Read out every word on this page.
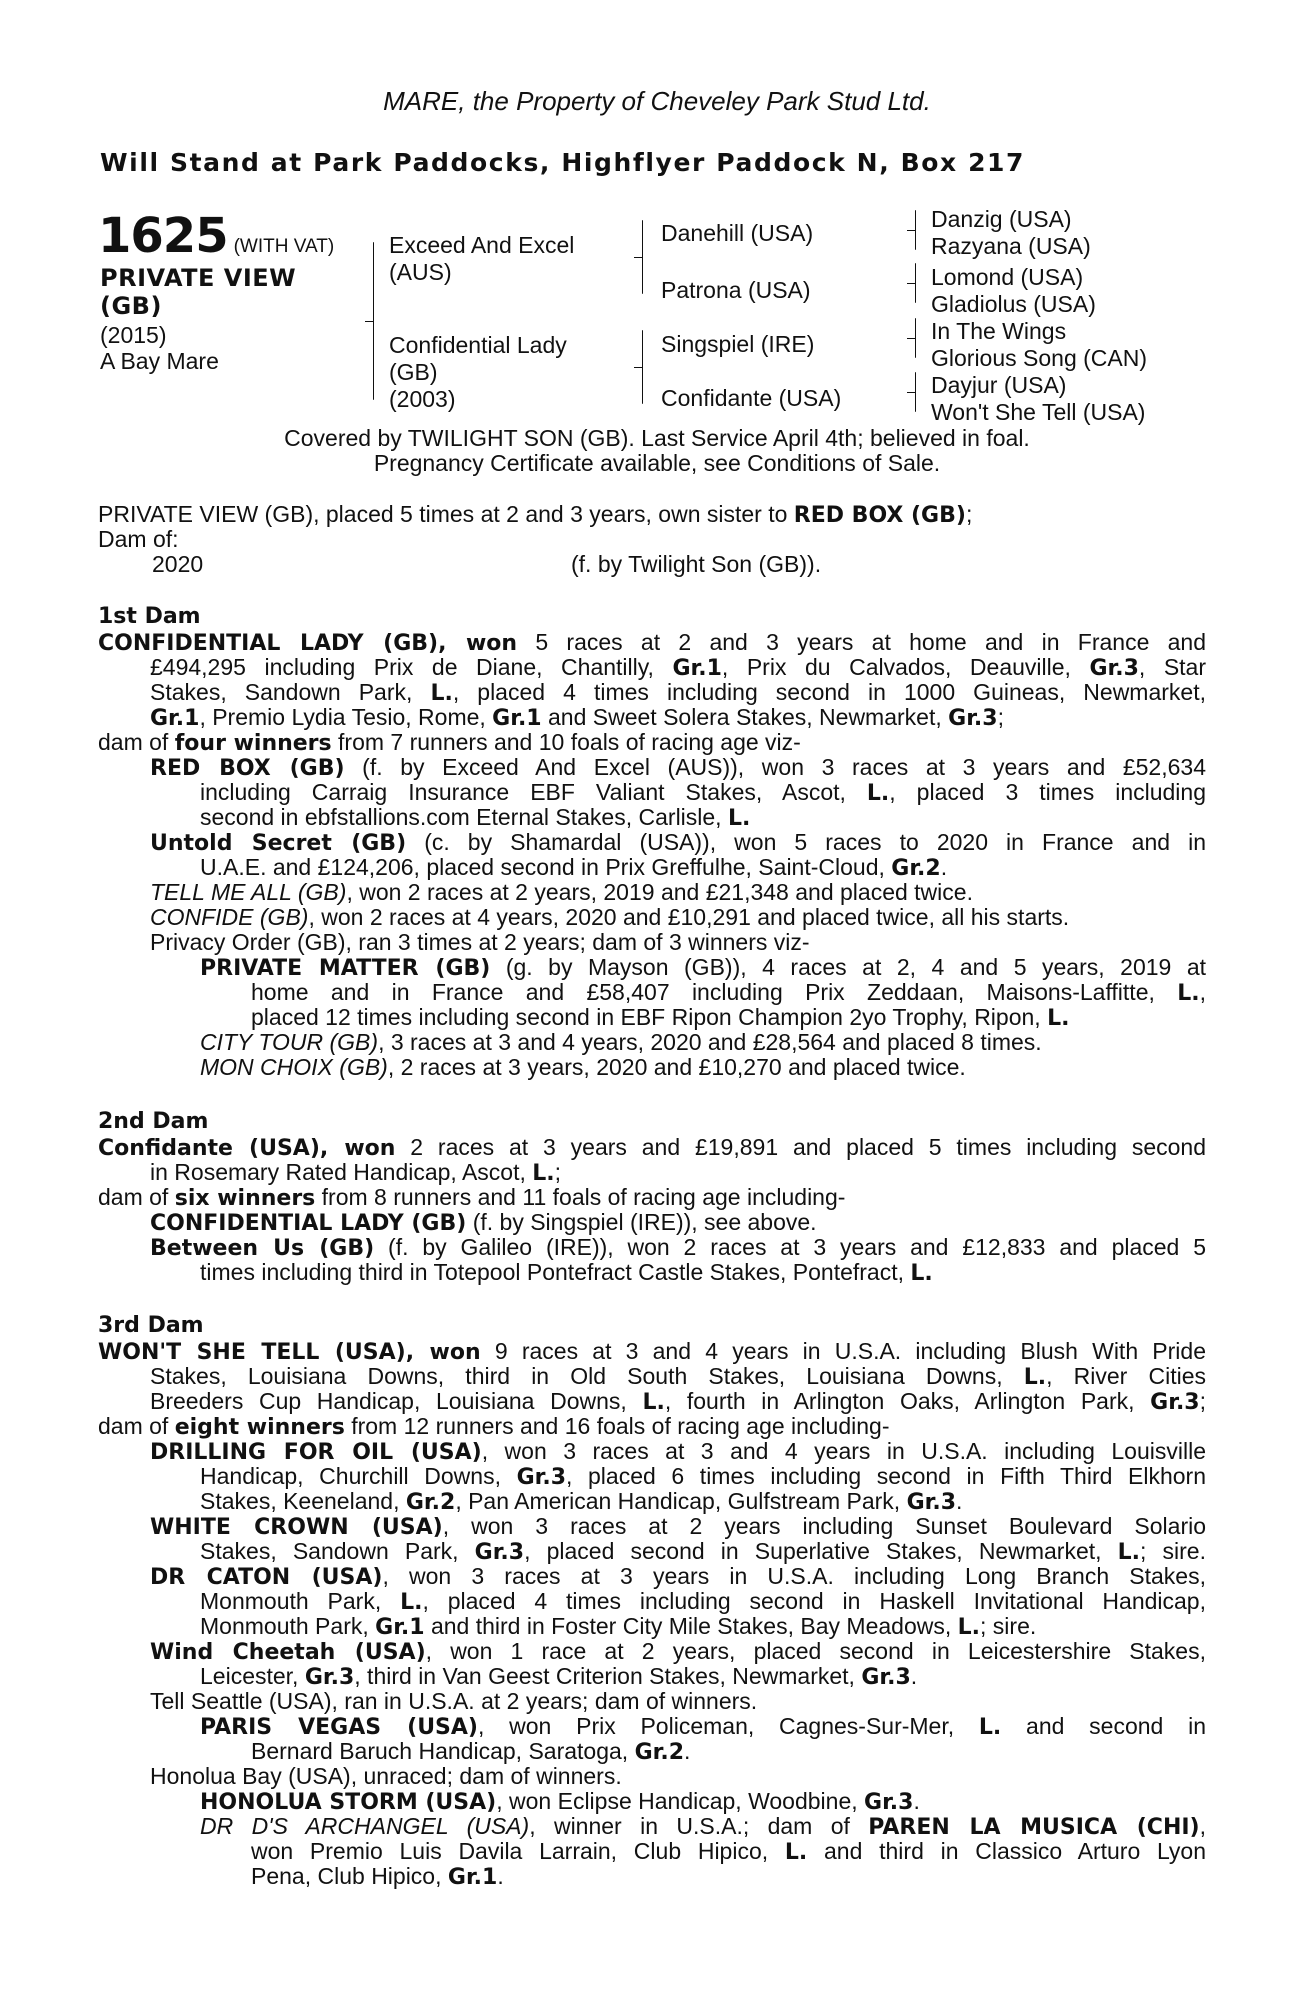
MARE, the Property of Cheveley Park Stud Ltd.
Will Stand at Park Paddocks, Highflyer Paddock N, Box 217
1625 (WITH VAT)
PRIVATE VIEW
(GB)
(2015)
A Bay Mare
Exceed And Excel
(AUS)
Confidential Lady
(GB)
(2003)
Danehill (USA)
Patrona (USA)
Singspiel (IRE)
Confidante (USA)
Danzig (USA)
Razyana (USA)
Lomond (USA)
Gladiolus (USA)
In The Wings
Glorious Song (CAN)
Dayjur (USA)
Won't She Tell (USA)
Covered by TWILIGHT SON (GB). Last Service April 4th; believed in foal.
Pregnancy Certificate available, see Conditions of Sale.
PRIVATE VIEW (GB), placed 5 times at 2 and 3 years, own sister to RED BOX (GB);
Dam of:
2020	(f. by Twilight Son (GB)).
1st Dam
CONFIDENTIAL LADY (GB), won 5 races at 2 and 3 years at home and in France and
£494,295 including Prix de Diane, Chantilly, Gr.1, Prix du Calvados, Deauville, Gr.3, Star
Stakes, Sandown Park, L., placed 4 times including second in 1000 Guineas, Newmarket,
Gr.1, Premio Lydia Tesio, Rome, Gr.1 and Sweet Solera Stakes, Newmarket, Gr.3;
dam of four winners from 7 runners and 10 foals of racing age viz-
RED BOX (GB) (f. by Exceed And Excel (AUS)), won 3 races at 3 years and £52,634
including Carraig Insurance EBF Valiant Stakes, Ascot, L., placed 3 times including
second in ebfstallions.com Eternal Stakes, Carlisle, L.
Untold Secret (GB) (c. by Shamardal (USA)), won 5 races to 2020 in France and in
U.A.E. and £124,206, placed second in Prix Greffulhe, Saint-Cloud, Gr.2.
TELL ME ALL (GB), won 2 races at 2 years, 2019 and £21,348 and placed twice.
CONFIDE (GB), won 2 races at 4 years, 2020 and £10,291 and placed twice, all his starts.
Privacy Order (GB), ran 3 times at 2 years; dam of 3 winners viz-
PRIVATE MATTER (GB) (g. by Mayson (GB)), 4 races at 2, 4 and 5 years, 2019 at
home and in France and £58,407 including Prix Zeddaan, Maisons-Laffitte, L.,
placed 12 times including second in EBF Ripon Champion 2yo Trophy, Ripon, L.
CITY TOUR (GB), 3 races at 3 and 4 years, 2020 and £28,564 and placed 8 times.
MON CHOIX (GB), 2 races at 3 years, 2020 and £10,270 and placed twice.
2nd Dam
Confidante (USA), won 2 races at 3 years and £19,891 and placed 5 times including second
in Rosemary Rated Handicap, Ascot, L.;
dam of six winners from 8 runners and 11 foals of racing age including-
CONFIDENTIAL LADY (GB) (f. by Singspiel (IRE)), see above.
Between Us (GB) (f. by Galileo (IRE)), won 2 races at 3 years and £12,833 and placed 5
times including third in Totepool Pontefract Castle Stakes, Pontefract, L.
3rd Dam
WON'T SHE TELL (USA), won 9 races at 3 and 4 years in U.S.A. including Blush With Pride
Stakes, Louisiana Downs, third in Old South Stakes, Louisiana Downs, L., River Cities
Breeders Cup Handicap, Louisiana Downs, L., fourth in Arlington Oaks, Arlington Park, Gr.3;
dam of eight winners from 12 runners and 16 foals of racing age including-
DRILLING FOR OIL (USA), won 3 races at 3 and 4 years in U.S.A. including Louisville
Handicap, Churchill Downs, Gr.3, placed 6 times including second in Fifth Third Elkhorn
Stakes, Keeneland, Gr.2, Pan American Handicap, Gulfstream Park, Gr.3.
WHITE CROWN (USA), won 3 races at 2 years including Sunset Boulevard Solario
Stakes, Sandown Park, Gr.3, placed second in Superlative Stakes, Newmarket, L.; sire.
DR CATON (USA), won 3 races at 3 years in U.S.A. including Long Branch Stakes,
Monmouth Park, L., placed 4 times including second in Haskell Invitational Handicap,
Monmouth Park, Gr.1 and third in Foster City Mile Stakes, Bay Meadows, L.; sire.
Wind Cheetah (USA), won 1 race at 2 years, placed second in Leicestershire Stakes,
Leicester, Gr.3, third in Van Geest Criterion Stakes, Newmarket, Gr.3.
Tell Seattle (USA), ran in U.S.A. at 2 years; dam of winners.
PARIS VEGAS (USA), won Prix Policeman, Cagnes-Sur-Mer, L. and second in
Bernard Baruch Handicap, Saratoga, Gr.2.
Honolua Bay (USA), unraced; dam of winners.
HONOLUA STORM (USA), won Eclipse Handicap, Woodbine, Gr.3.
DR D'S ARCHANGEL (USA), winner in U.S.A.; dam of PAREN LA MUSICA (CHI),
won Premio Luis Davila Larrain, Club Hipico, L. and third in Classico Arturo Lyon
Pena, Club Hipico, Gr.1.
